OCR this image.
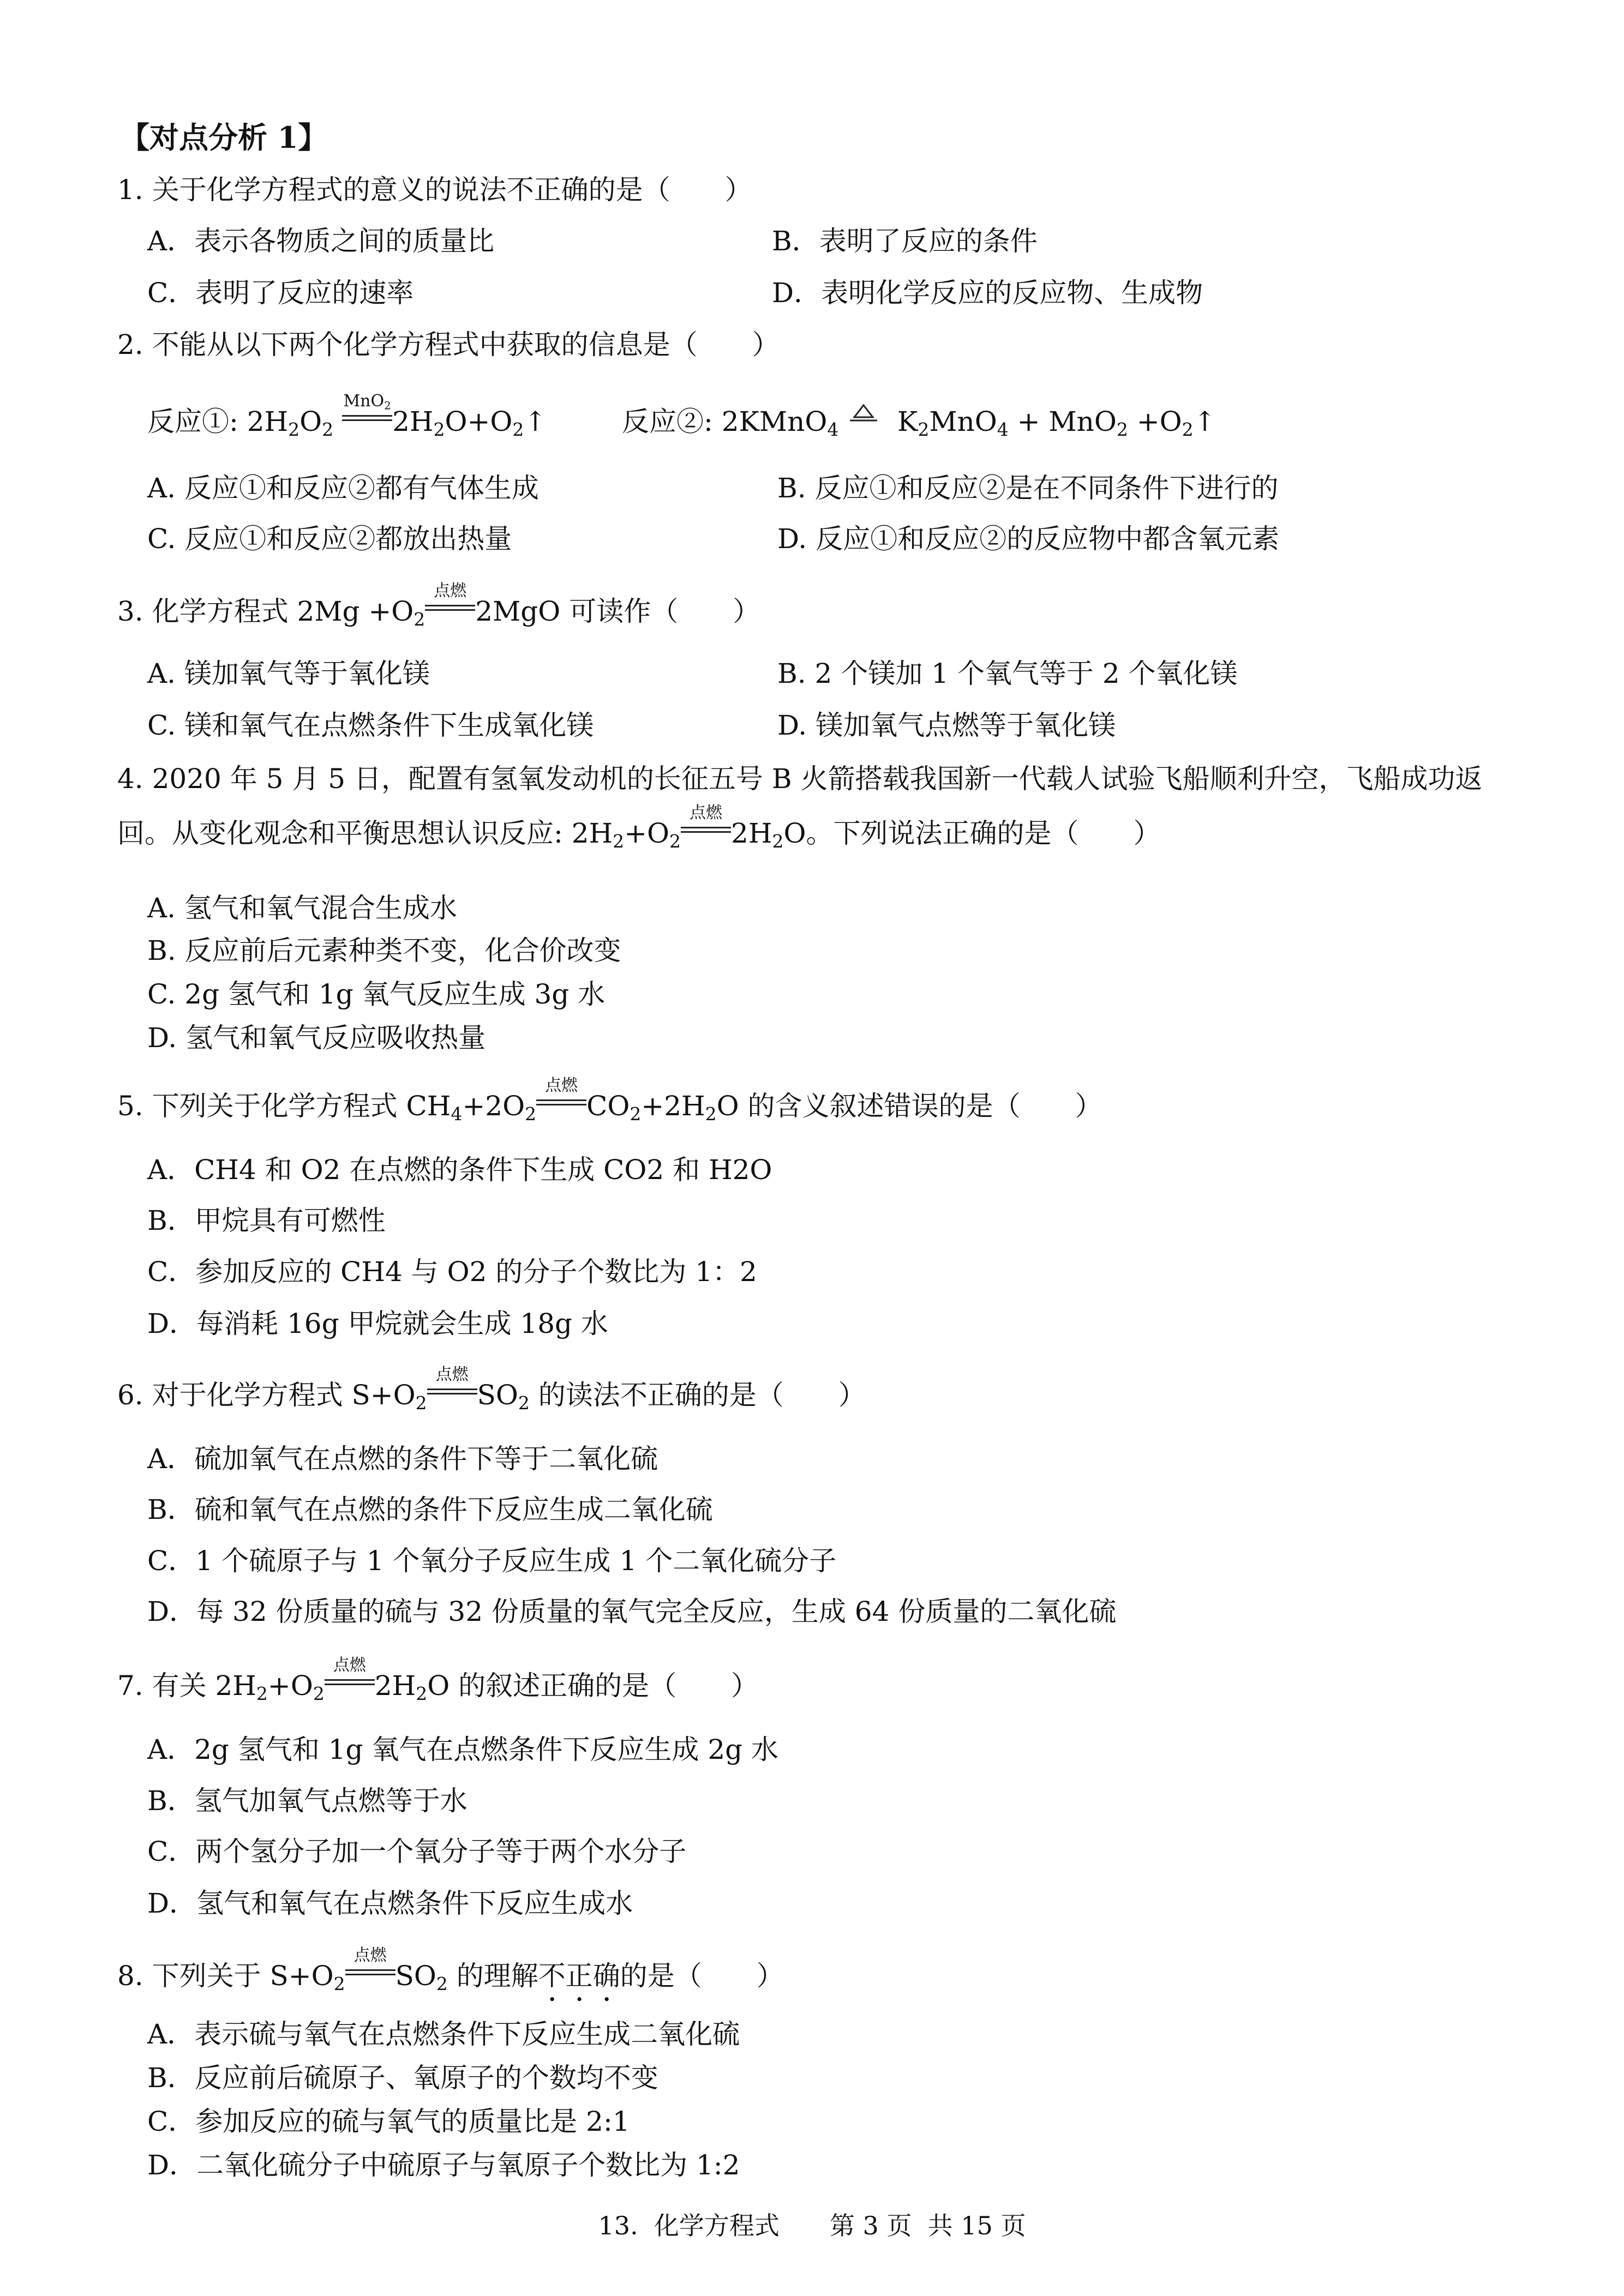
【对点分析 1】
1. 关于化学方程式的意义的说法不正确的是（　　）
A．表示各物质之间的质量比	B．表明了反应的条件
C．表明了反应的速率	D．表明化学反应的反应物、生成物
2. 不能从以下两个化学方程式中获取的信息是（　　）
反应①: $2H_2O_2$
MnO$_2$ $2H_2O+O_2↑$	反应②: 2KMnO$_4$
$K_2MnO_4 + MnO_2$ $+O_2↑$
A. 反应①和反应②都有气体生成	B. 反应①和反应②是在不同条件下进行的
C. 反应①和反应②都放出热量	D. 反应①和反应②的反应物中都含氧元素
3. 化学方程式 $2Mg +O_2$
点燃
2MgO 可读作（　　）
A. 镁加氧气等于氧化镁	B. 2 个镁加 1 个氧气等于 2 个氧化镁
C. 镁和氧气在点燃条件下生成氧化镁	D. 镁加氧气点燃等于氧化镁
4. 2020 年 5 月 5 日，配置有氢氧发动机的长征五号 B 火箭搭载我国新一代载人试验飞船顺利升空，飞船成功返回。从变化观念和平衡思想认识反应: $2H_2+O_2$
点燃
$2H_2O$。下列说法正确的是（　　）
A. 氢气和氧气混合生成水
B. 反应前后元素种类不变，化合价改变
C. 2g 氢气和 1g 氧气反应生成 3g 水
D. 氢气和氧气反应吸收热量
5. 下列关于化学方程式 $CH_4+2O_2$
点燃
$CO_2+2H_2O$ 的含义叙述错误的是（　　）
A．CH4 和 O2 在点燃的条件下生成 CO2 和 H2O
B．甲烷具有可燃性
C．参加反应的 CH4 与 O2 的分子个数比为 1：2
D．每消耗 16g 甲烷就会生成 18g 水
6. 对于化学方程式 $S+O_2$
点燃
$SO_2$ 的读法不正确的是（　　）
A．硫加氧气在点燃的条件下等于二氧化硫
B．硫和氧气在点燃的条件下反应生成二氧化硫
C．1 个硫原子与 1 个氧分子反应生成 1 个二氧化硫分子
D．每 32 份质量的硫与 32 份质量的氧气完全反应，生成 64 份质量的二氧化硫
7. 有关 $2H_2+O_2$
点燃
$2H_2O$ 的叙述正确的是（　　）
A．2g 氢气和 1g 氧气在点燃条件下反应生成 2g 水
B．氢气加氧气点燃等于水
C．两个氢分子加一个氧分子等于两个水分子
D．氢气和氧气在点燃条件下反应生成水
8. 下列关于 $S+O_2$
点燃
$SO_2$ 的理解不正确的是（　　）
A．表示硫与氧气在点燃条件下反应生成二氧化硫
B．反应前后硫原子、氧原子的个数均不变
C．参加反应的硫与氧气的质量比是 2:1
D．二氧化硫分子中硫原子与氧原子个数比为 1:2
13.  化学方程式　　第 3 页  共 15 页
